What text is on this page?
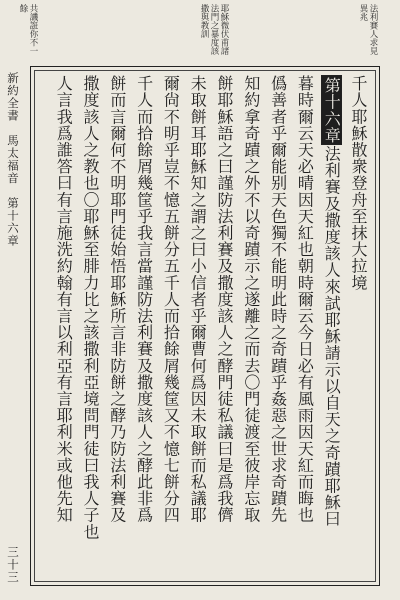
共譏誑你不一餘	耶穌微伏甫諸法門之暴度該撒與教訓	法利賽人求見異兆
千人耶穌散衆登舟至抹大拉境
第十六章法利賽及撒度該人來試耶穌請示以自天之奇蹟耶穌曰
暮時爾云天必晴因天紅也朝時爾云今日必有風雨因天紅而晦也
僞善者乎爾能别天色獨不能明此時之奇蹟乎姦惡之世求奇蹟先
知約拿奇蹟之外不以奇蹟示之遂離之而去〇門徒渡至彼岸忘取
餅耶穌語之曰謹防法利賽及撒度該人之酵門徒私議曰是爲我儕
未取餅耳耶穌知之謂之曰小信者乎爾曹何爲因未取餅而私議耶
爾尙不明乎豈不憶五餅分五千人而拾餘屑幾筐又不憶七餅分四
千人而拾餘屑幾筐乎我言當謹防法利賽及撒度該人之酵此非爲
餅而言爾何不明耶門徒始悟耶穌所言非防餅之酵乃防法利賽及
撒度該人之教也〇耶穌至腓力比之該撒利亞境問門徒曰我人子也
人言我爲誰答曰有言施洗約翰有言以利亞有言耶利米或他先知
新約全書　馬太福音　第十六章
三十三
